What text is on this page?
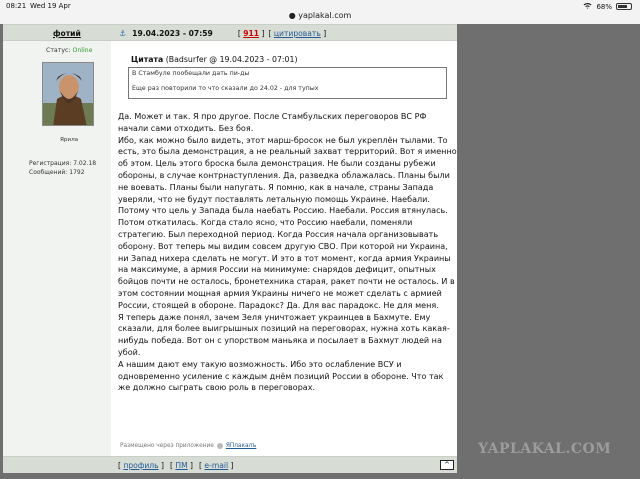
08:21 Wed 19 Apr	68%
● yaplakal.com
фотий	⚓ 19.04.2023 - 07:59	[ 911 ] [ цитировать ]
Статус: Online
Ярила
Регистрация: 7.02.18
Сообщений: 1792
Цитата (Badsurfer @ 19.04.2023 - 07:01)
В Стамбуле пообещали дать пи-ды
Еще раз повторили то что сказали до 24.02 - для тупых
Да. Может и так. Я про другое. После Стамбульских переговоров ВС РФ начали сами отходить. Без боя.
Ибо, как можно было видеть, этот марш-бросок не был укреплён тылами. То есть, это была демонстрация, а не реальный захват территорий. Вот я именно об этом. Цель этого броска была демонстрация. Не были созданы рубежи обороны, в случае контрнаступления. Да, разведка облажалась. Планы были не воевать. Планы были напугать. Я помню, как в начале, страны Запада уверяли, что не будут поставлять летальную помощь Украине. Наебали. Потому что цель у Запада была наебать Россию. Наебали. Россия втянулась. Потом откатилась. Когда стало ясно, что Россию наебали, поменяли стратегию. Был переходной период. Когда Россия начала организовывать оборону. Вот теперь мы видим совсем другую СВО. При которой ни Украина, ни Запад нихера сделать не могут. И это в тот момент, когда армия Украины на максимуме, а армия России на минимуме: снарядов дефицит, опытных бойцов почти не осталось, бронетехника старая, ракет почти не осталось. И в этом состоянии мощная армия Украины ничего не может сделать с армией России, стоящей в обороне. Парадокс? Да. Для вас парадокс. Не для меня.
Я теперь даже понял, зачем Зеля уничтожает украинцев в Бахмуте. Ему сказали, для более выигрышных позиций на переговорах, нужна хоть какая-нибудь победа. Вот он с упорством маньяка и посылает в Бахмут людей на убой.
А нашим дают ему такую возможность. Ибо это ослабление ВСУ и одновременно усиление с каждым днём позиций России в обороне. Что так же должно сыграть свою роль в переговорах.
Размещено через приложение ЯПлакалъ
[ профиль ] [ ПМ ] [ e-mail ]	^
YAPLAKAL.COM
